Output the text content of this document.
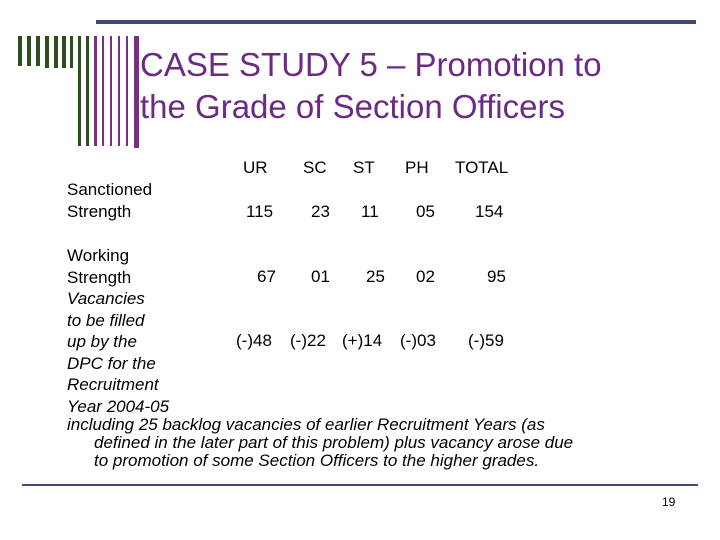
CASE STUDY 5 – Promotion to
the Grade of Section Officers
UR SC ST PH TOTAL
Sanctioned
Strength	115 23 11 05 154
Working
Strength	67 01 25 02	95
Vacancies
to be filled
up by the
DPC for the
Recruitment
Year 2004-05
(-)48 (-)22 (+)14 (-)03 (-)59
including 25 backlog vacancies of earlier Recruitment Years (as
defined in the later part of this problem) plus vacancy arose due
to promotion of some Section Officers to the higher grades.
19
